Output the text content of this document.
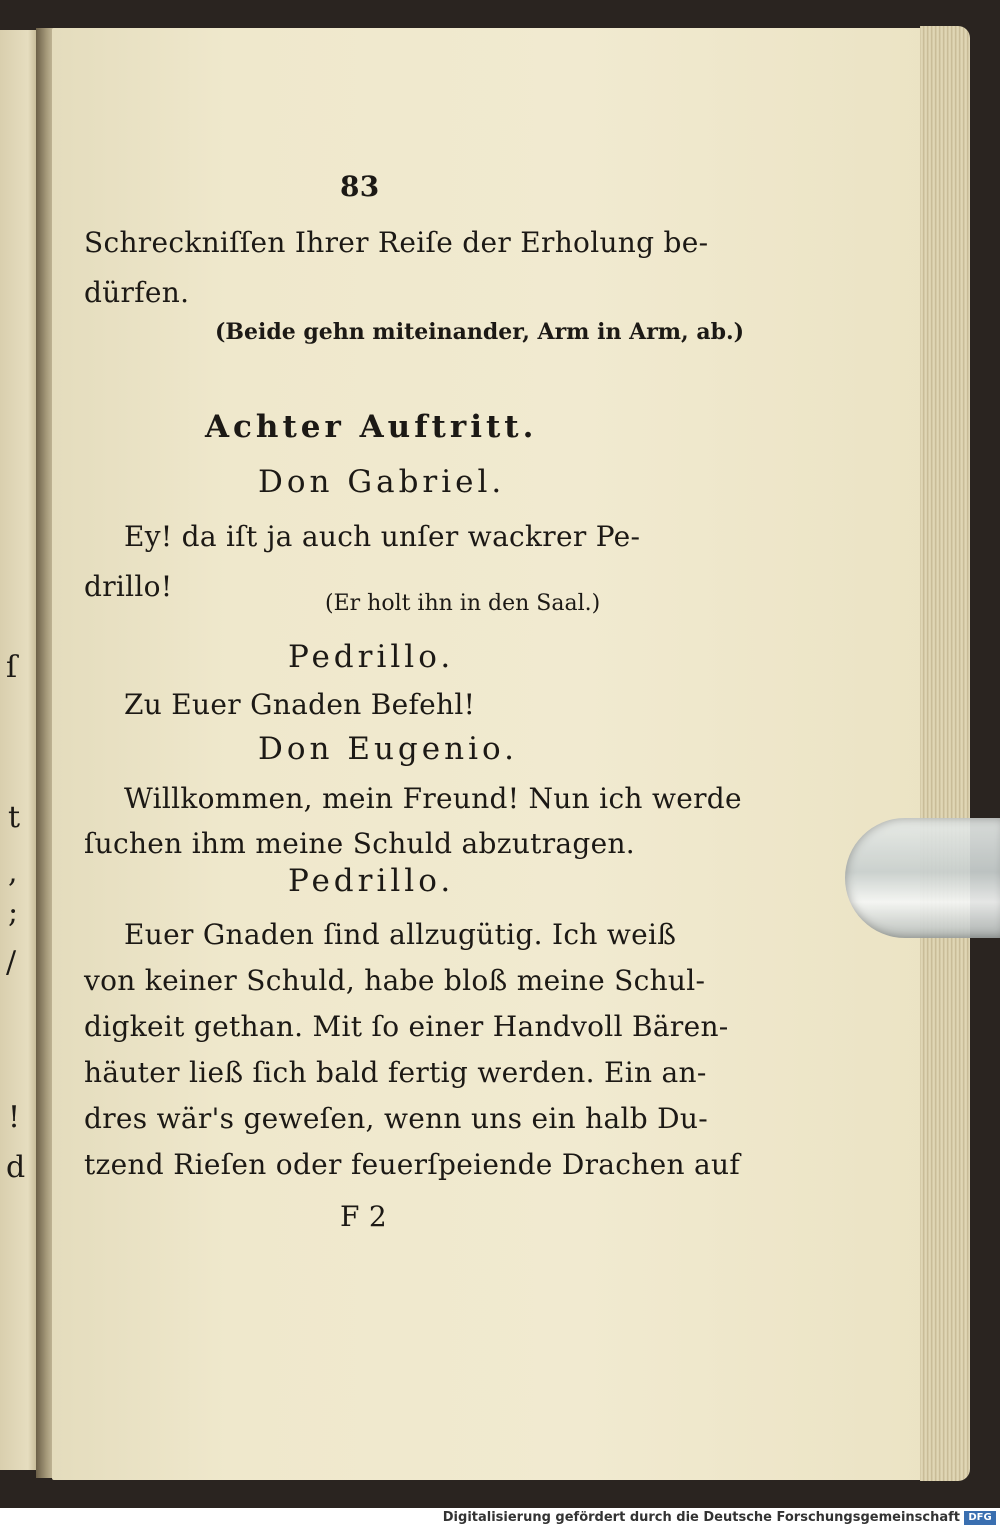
ſ
t
,
;
/
!
d
83
Schreckniſſen Ihrer Reiſe der Erholung be-
dürfen.
(Beide gehn miteinander, Arm in Arm, ab.)
Achter Auftritt.
Don Gabriel.
Ey! da iſt ja auch unſer wackrer Pe-
drillo!
(Er holt ihn in den Saal.)
Pedrillo.
Zu Euer Gnaden Befehl!
Don Eugenio.
Willkommen, mein Freund! Nun ich werde
ſuchen ihm meine Schuld abzutragen.
Pedrillo.
Euer Gnaden ſind allzugütig. Ich weiß
von keiner Schuld, habe bloß meine Schul-
digkeit gethan. Mit ſo einer Handvoll Bären-
häuter ließ ſich bald fertig werden. Ein an-
dres wär's geweſen, wenn uns ein halb Du-
tzend Rieſen oder feuerſpeiende Drachen auf
F 2
Digitalisierung gefördert durch die Deutsche Forschungsgemeinschaft DFG
